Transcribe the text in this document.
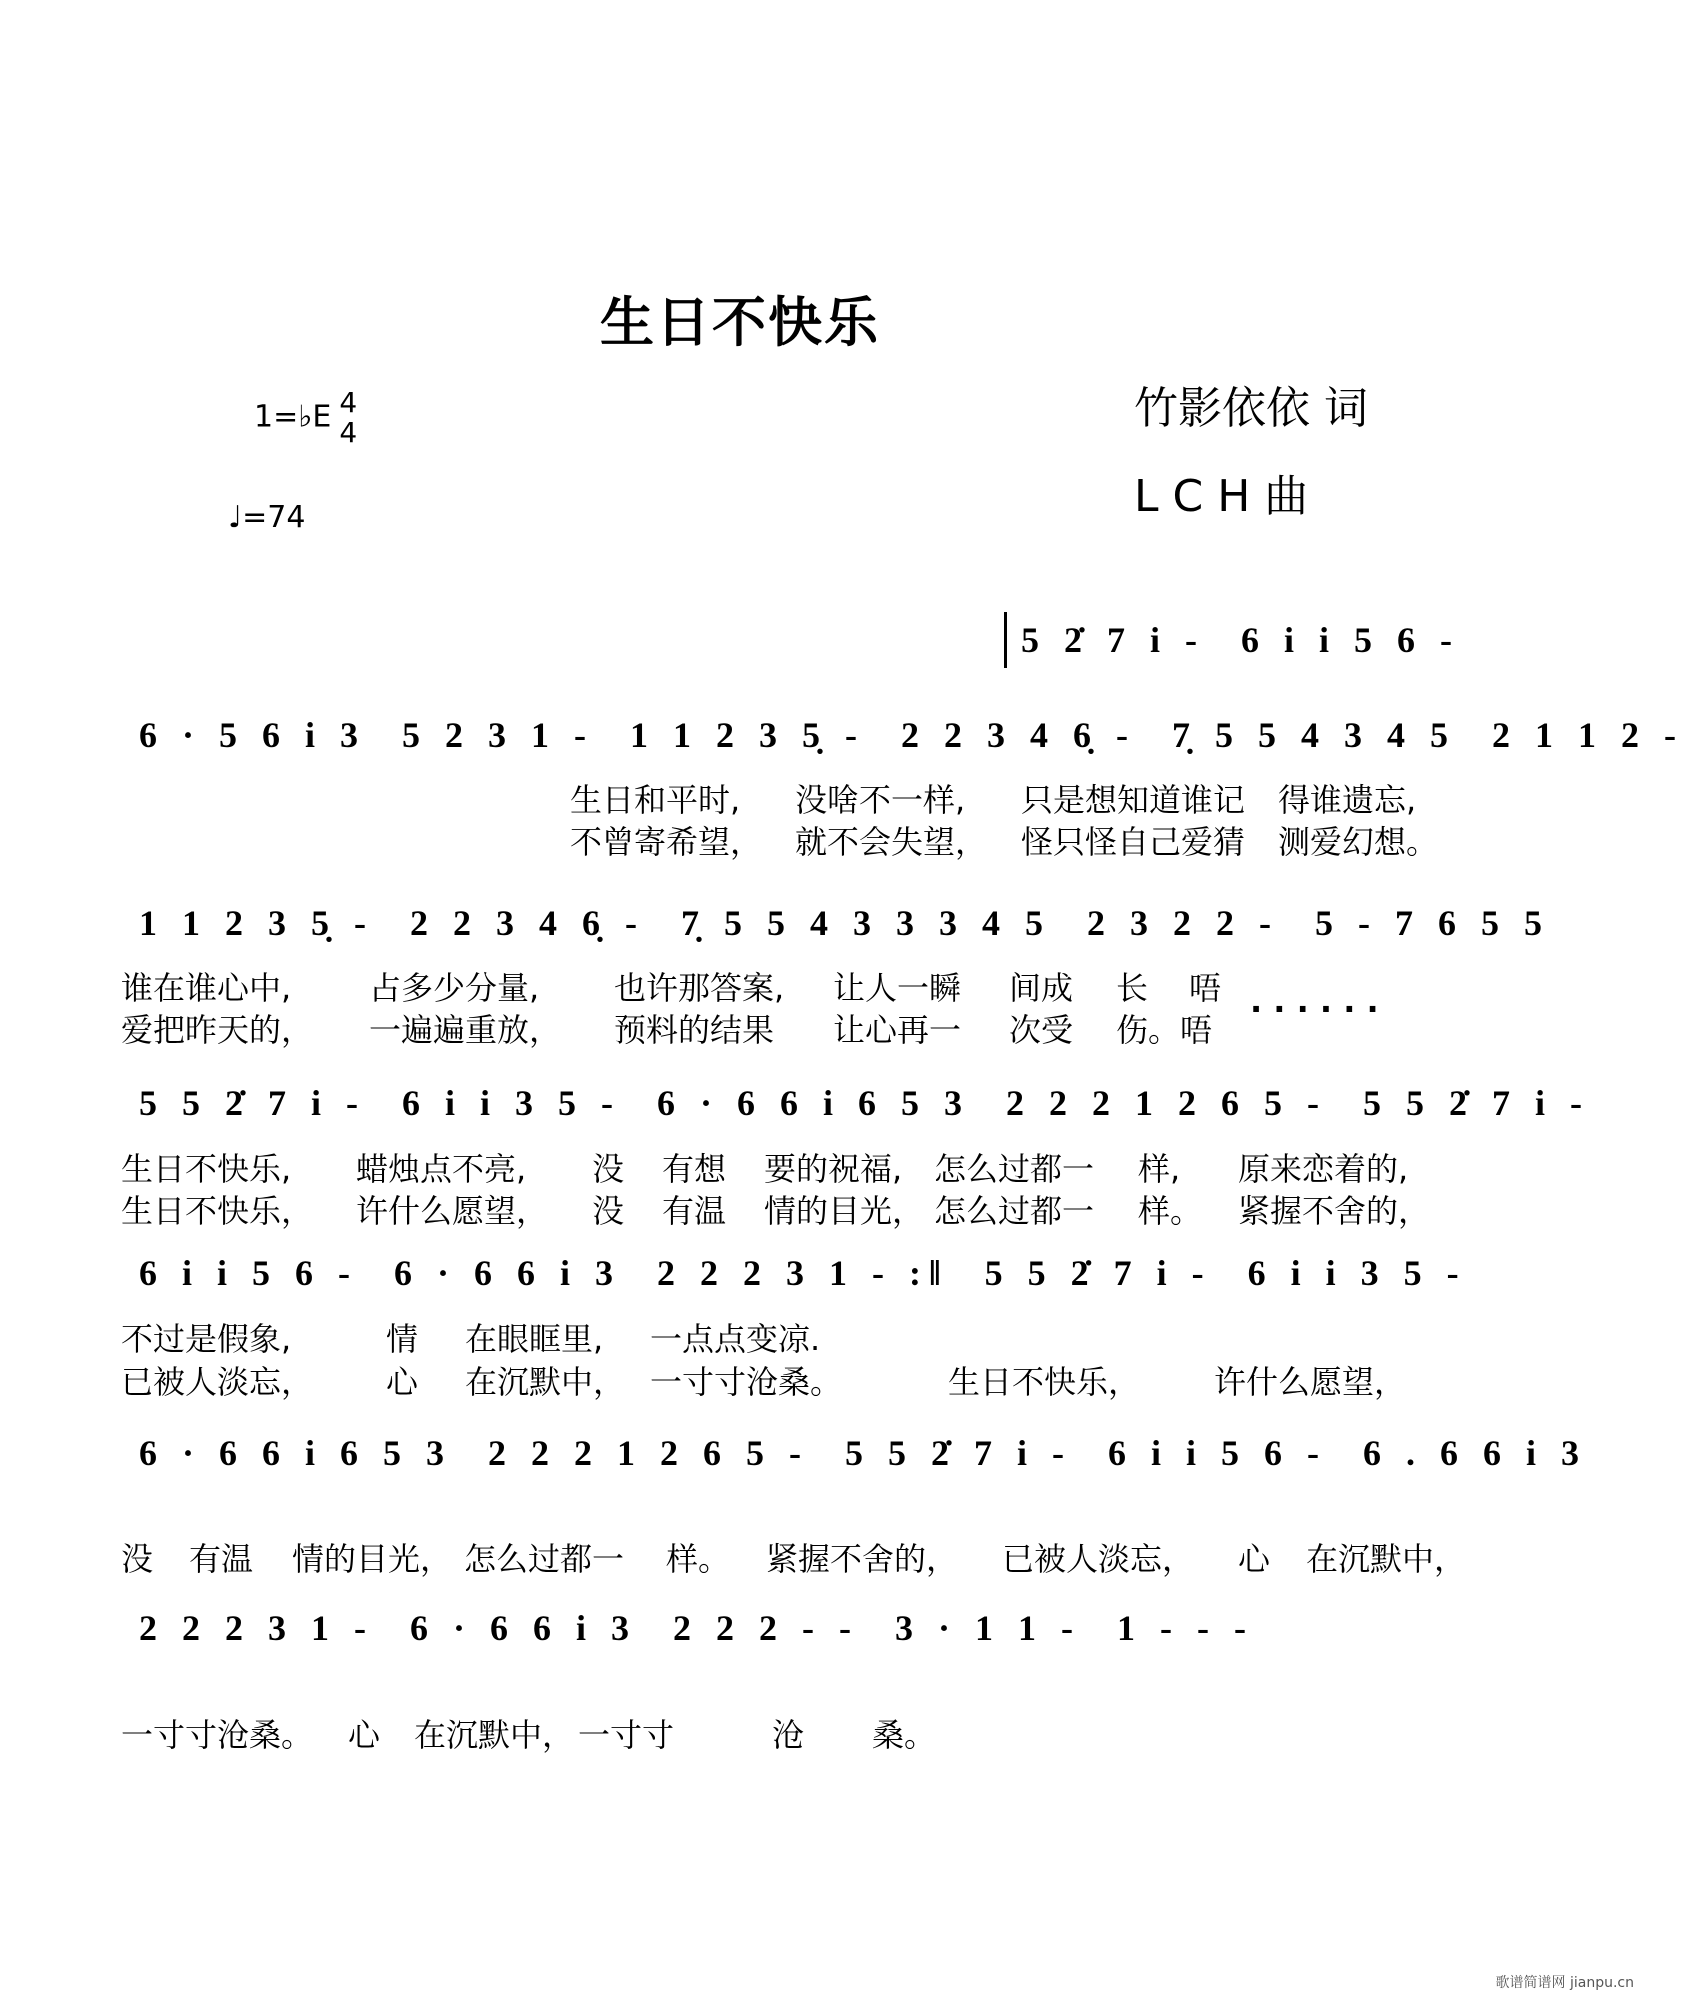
生日不快乐
1=♭E 4
4
♩=74
竹影依依 词
L C H 曲
5 2̇ 7 i -	6 i i 5 6 -
6 · 5 6 i 3	5 2 3 1 -	1 1 2 3 5̣ -	2 2 3 4 6̣ -	7̣ 5 5 4 3 4 5	2 1 1 2 -
生日和平时, 没啥不一样, 只是想知道谁记 得谁遗忘,
不曾寄希望， 就不会失望， 怪只怪自己爱猜 测爱幻想。
1 1 2 3 5̣ -	2 2 3 4 6̣ -	7̣ 5 5 4 3 3 3 4 5	2 3 2 2 -	5 - 7 6 5 5
谁在谁心中, 占多少分量, 也许那答案, 让人一瞬 间成 长 唔
爱把昨天的， 一遍遍重放， 预料的结果 让心再一 次受 伤。唔
· · · · · ·
5 5 2̇ 7 i -	6 i i 3 5 -	6 · 6 6 i 6 5 3	2 2 2 1 2 6 5 -	5 5 2̇ 7 i -
生日不快乐, 蜡烛点不亮, 没 有想 要的祝福, 怎么过都一 样, 原来恋着的,
生日不快乐， 许什么愿望， 没 有温 情的目光， 怎么过都一 样。 紧握不舍的，
6 i i 5 6 -	6 · 6 6 i 3	2 2 2 3 1 - :‖	5 5 2̇ 7 i -	6 i i 3 5 -
不过是假象,	情 在眼眶里, 一点点变凉.
已被人淡忘， 心 在沉默中， 一寸寸沧桑。	生日不快乐， 许什么愿望，
6 · 6 6 i 6 5 3	2 2 2 1 2 6 5 -	5 5 2̇ 7 i -	6 i i 5 6 -	6 . 6 6 i 3
没 有温 情的目光， 怎么过都一 样。 紧握不舍的， 已被人淡忘， 心 在沉默中，
2 2 2 3 1 -	6 · 6 6 i 3	2 2 2 - -	3 · 1 1 -	1 - - -
一寸寸沧桑。 心 在沉默中， 一寸寸	沧 桑。
歌谱简谱网 jianpu.cn
